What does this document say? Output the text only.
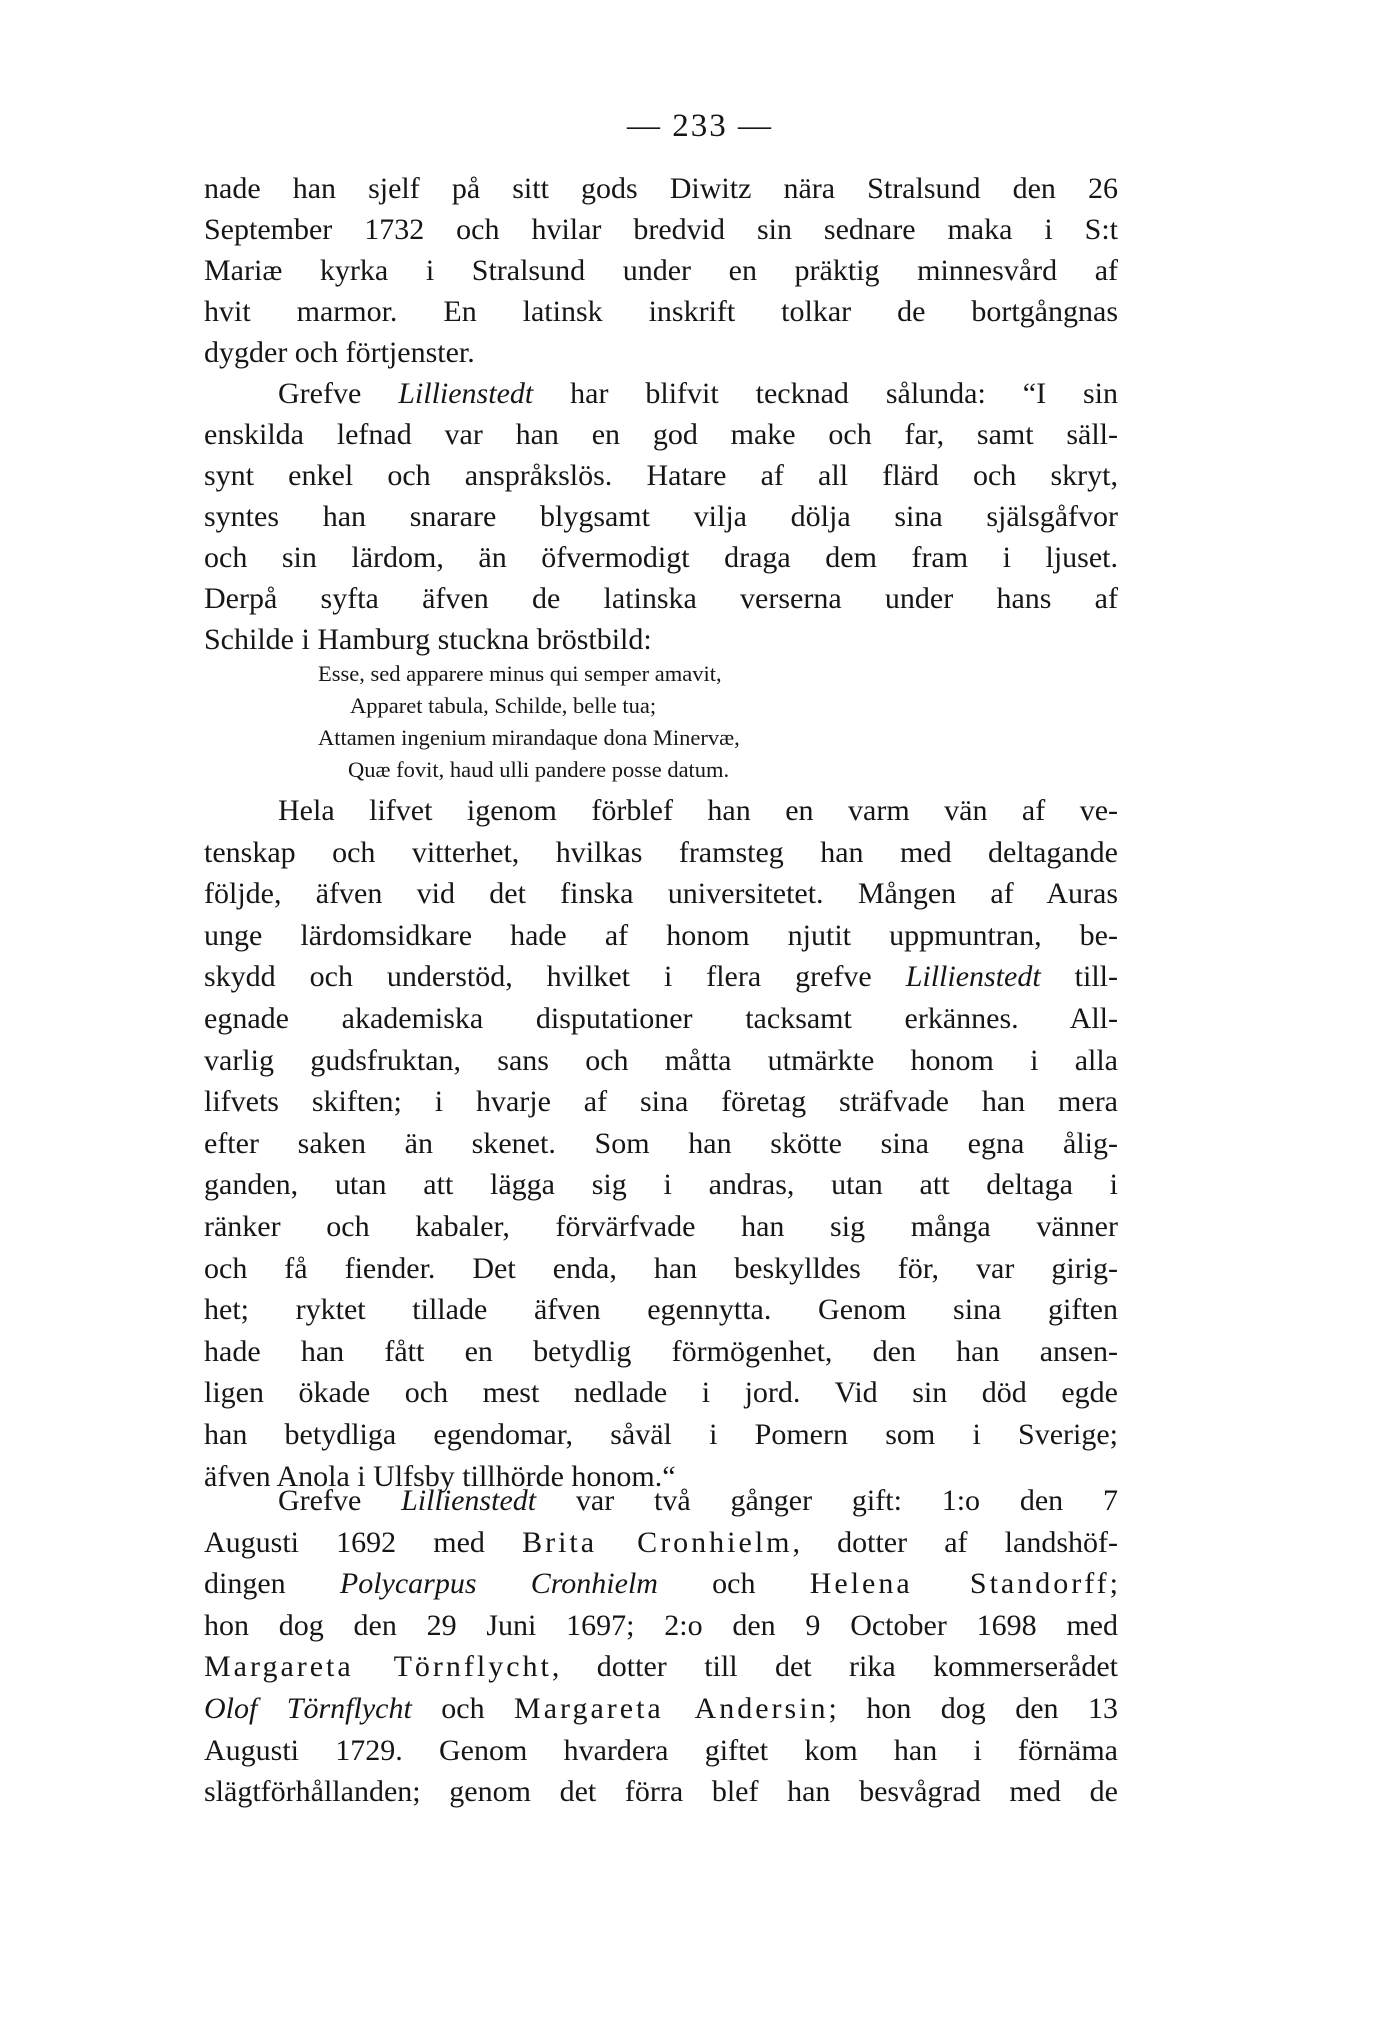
— 233 —
nade han sjelf på sitt gods Diwitz nära Stralsund den 26
September 1732 och hvilar bredvid sin sednare maka i S:t
Mariæ kyrka i Stralsund under en präktig minnesvård af
hvit marmor. En latinsk inskrift tolkar de bortgångnas
dygder och förtjenster.
Grefve Lillienstedt har blifvit tecknad sålunda: “I sin
enskilda lefnad var han en god make och far, samt säll-
synt enkel och anspråkslös. Hatare af all flärd och skryt,
syntes han snarare blygsamt vilja dölja sina själsgåfvor
och sin lärdom, än öfvermodigt draga dem fram i ljuset.
Derpå syfta äfven de latinska verserna under hans af
Schilde i Hamburg stuckna bröstbild:
Esse, sed apparere minus qui semper amavit,
Apparet tabula, Schilde, belle tua;
Attamen ingenium mirandaque dona Minervæ,
Quæ fovit, haud ulli pandere posse datum.
Hela lifvet igenom förblef han en varm vän af ve-
tenskap och vitterhet, hvilkas framsteg han med deltagande
följde, äfven vid det finska universitetet. Mången af Auras
unge lärdomsidkare hade af honom njutit uppmuntran, be-
skydd och understöd, hvilket i flera grefve Lillienstedt till-
egnade akademiska disputationer tacksamt erkännes. All-
varlig gudsfruktan, sans och måtta utmärkte honom i alla
lifvets skiften; i hvarje af sina företag sträfvade han mera
efter saken än skenet. Som han skötte sina egna ålig-
ganden, utan att lägga sig i andras, utan att deltaga i
ränker och kabaler, förvärfvade han sig många vänner
och få fiender. Det enda, han beskylldes för, var girig-
het; ryktet tillade äfven egennytta. Genom sina giften
hade han fått en betydlig förmögenhet, den han ansen-
ligen ökade och mest nedlade i jord. Vid sin död egde
han betydliga egendomar, såväl i Pomern som i Sverige;
äfven Anola i Ulfsby tillhörde honom.“
Grefve Lillienstedt var två gånger gift: 1:o den 7
Augusti 1692 med Brita Cronhielm, dotter af landshöf-
dingen Polycarpus Cronhielm och Helena Standorff;
hon dog den 29 Juni 1697; 2:o den 9 October 1698 med
Margareta Törnflycht, dotter till det rika kommerserådet
Olof Törnflycht och Margareta Andersin; hon dog den 13
Augusti 1729. Genom hvardera giftet kom han i förnäma
slägtförhållanden; genom det förra blef han besvågrad med de
